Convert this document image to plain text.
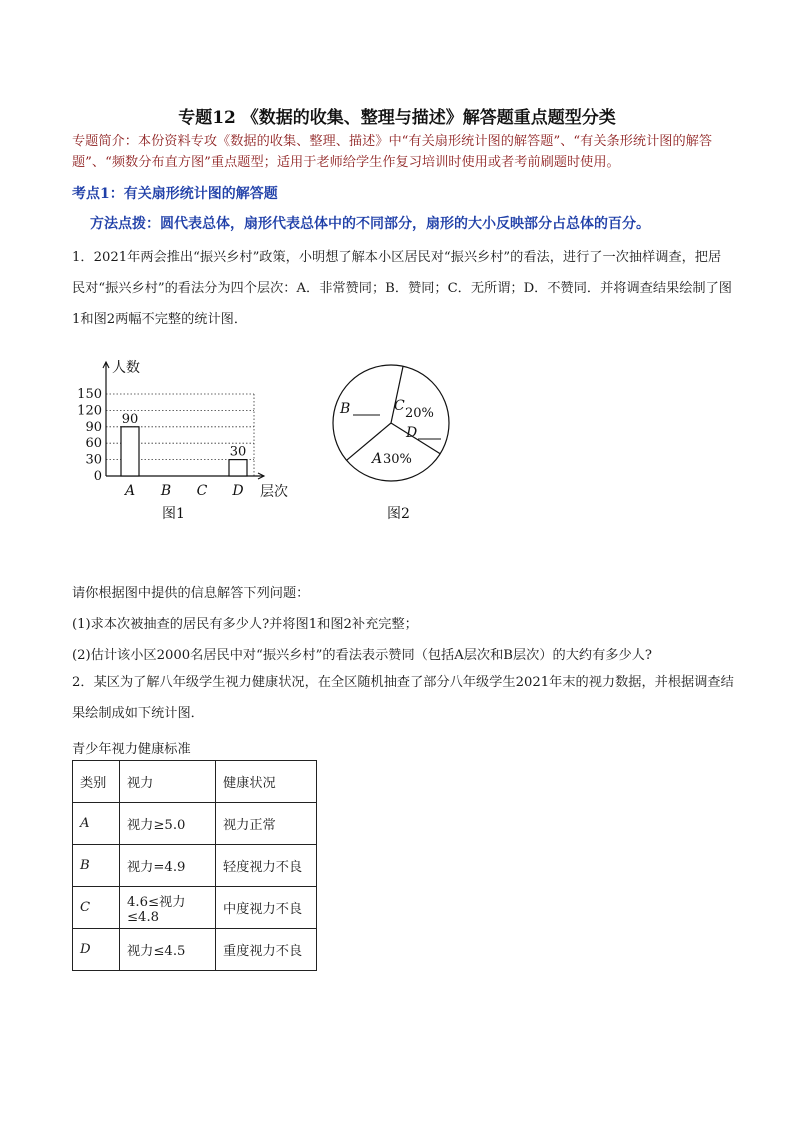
专题12 《数据的收集、整理与描述》解答题重点题型分类
专题简介：本份资料专攻《数据的收集、整理、描述》中“有关扇形统计图的解答题”、“有关条形统计图的解答题”、“频数分布直方图”重点题型；适用于老师给学生作复习培训时使用或者考前刷题时使用。
考点1：有关扇形统计图的解答题
方法点拨：圆代表总体，扇形代表总体中的不同部分，扇形的大小反映部分占总体的百分。
1．2021年两会推出“振兴乡村”政策，小明想了解本小区居民对“振兴乡村”的看法，进行了一次抽样调查，把居民对“振兴乡村”的看法分为四个层次：A．非常赞同；B．赞同；C．无所谓；D．不赞同．并将调查结果绘制了图1和图2两幅不完整的统计图．
0
30
60
90
120
150
人数
层次
A
90
B C D
30
图1
A 30%
B	C 20%
D
图2
请你根据图中提供的信息解答下列问题：
(1)求本次被抽查的居民有多少人?并将图1和图2补充完整；
(2)估计该小区2000名居民中对“振兴乡村”的看法表示赞同（包括A层次和B层次）的大约有多少人?
2．某区为了解八年级学生视力健康状况，在全区随机抽查了部分八年级学生2021年末的视力数据，并根据调查结果绘制成如下统计图．
青少年视力健康标准
类别	视力	健康状况
A	视力≥5.0	视力正常
B	视力=4.9	轻度视力不良
C	4.6≤视力≤4.8	中度视力不良
D	视力≤4.5	重度视力不良
